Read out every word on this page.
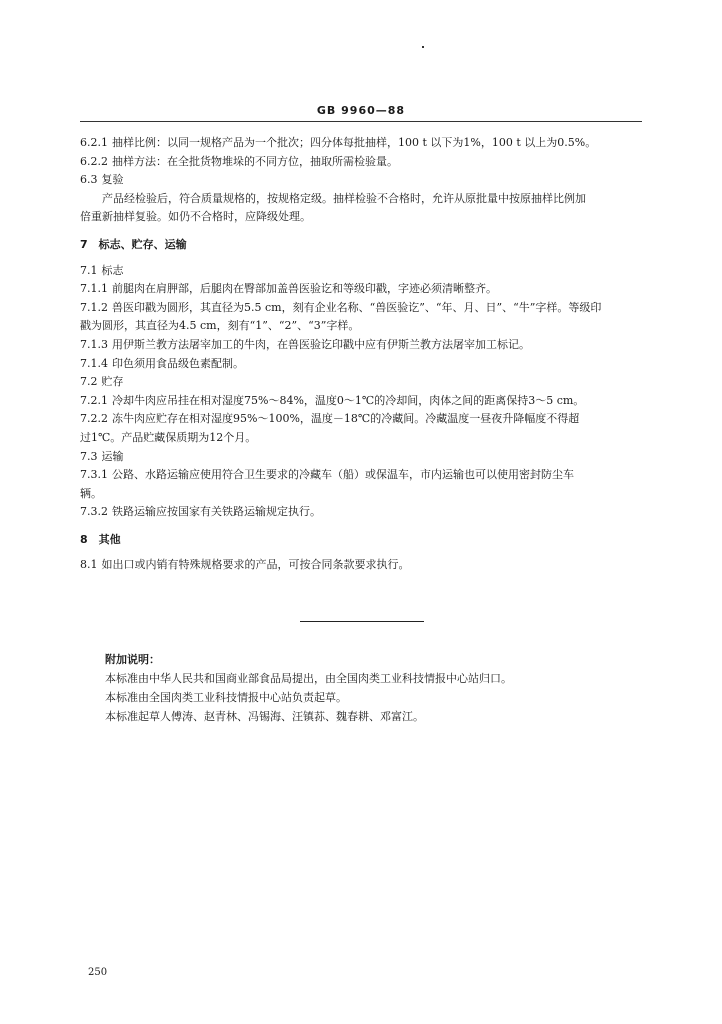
GB 9960—88
6.2.1 抽样比例：以同一规格产品为一个批次；四分体每批抽样，100 t 以下为1%，100 t 以上为0.5%。
6.2.2 抽样方法：在全批货物堆垛的不同方位，抽取所需检验量。
6.3 复验
产品经检验后，符合质量规格的，按规格定级。抽样检验不合格时，允许从原批量中按原抽样比例加
倍重新抽样复验。如仍不合格时，应降级处理。
7　标志、贮存、运输
7.1 标志
7.1.1 前腿肉在肩胛部，后腿肉在臀部加盖兽医验讫和等级印戳，字迹必须清晰整齐。
7.1.2 兽医印戳为圆形，其直径为5.5 cm，刻有企业名称、“兽医验讫”、“年、月、日”、“牛”字样。等级印
戳为圆形，其直径为4.5 cm，刻有“1”、“2”、“3”字样。
7.1.3 用伊斯兰教方法屠宰加工的牛肉，在兽医验讫印戳中应有伊斯兰教方法屠宰加工标记。
7.1.4 印色须用食品级色素配制。
7.2 贮存
7.2.1 冷却牛肉应吊挂在相对湿度75%～84%，温度0～1℃的冷却间，肉体之间的距离保持3～5 cm。
7.2.2 冻牛肉应贮存在相对湿度95%～100%，温度－18℃的冷藏间。冷藏温度一昼夜升降幅度不得超
过1℃。产品贮藏保质期为12个月。
7.3 运输
7.3.1 公路、水路运输应使用符合卫生要求的冷藏车（船）或保温车，市内运输也可以使用密封防尘车
辆。
7.3.2 铁路运输应按国家有关铁路运输规定执行。
8　其他
8.1 如出口或内销有特殊规格要求的产品，可按合同条款要求执行。
附加说明：
本标准由中华人民共和国商业部食品局提出，由全国肉类工业科技情报中心站归口。
本标准由全国肉类工业科技情报中心站负责起草。
本标准起草人傅涛、赵青林、冯锡海、汪镇荪、魏春耕、邓富江。
250
